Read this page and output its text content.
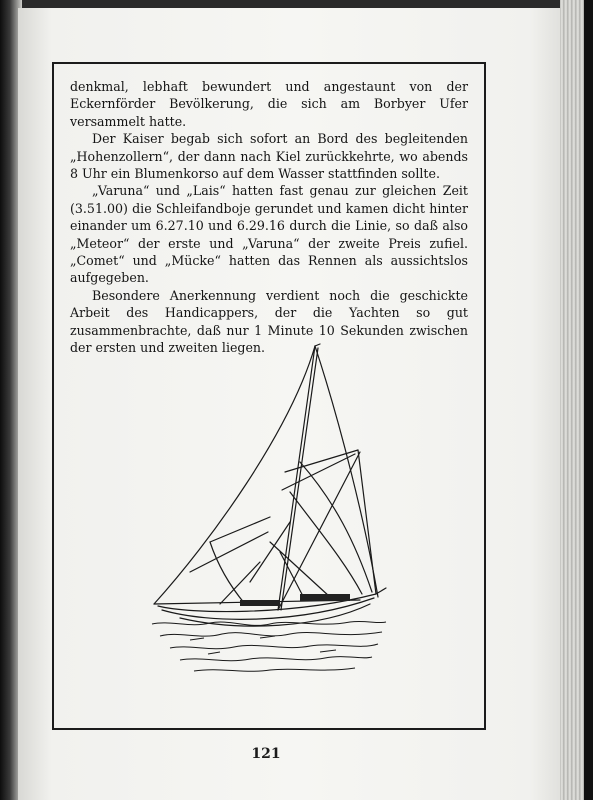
denkmal, lebhaft bewundert und angestaunt von der Eckernförder Bevölkerung, die sich am Borbyer Ufer versammelt hatte.

Der Kaiser begab sich sofort an Bord des begleitenden „Hohenzollern“, der dann nach Kiel zurückkehrte, wo abends 8 Uhr ein Blumenkorso auf dem Wasser stattfinden sollte.

„Varuna“ und „Lais“ hatten fast genau zur gleichen Zeit (3.51.00) die Schleifandboje gerundet und kamen dicht hinter einander um 6.27.10 und 6.29.16 durch die Linie, so daß also „Meteor“ der erste und „Varuna“ der zweite Preis zufiel. „Comet“ und „Mücke“ hatten das Rennen als aussichtslos aufgegeben.

Besondere Anerkennung verdient noch die geschickte Arbeit des Handicappers, der die Yachten so gut zusammenbrachte, daß nur 1 Minute 10 Sekunden zwischen der ersten und zweiten liegen.

121
